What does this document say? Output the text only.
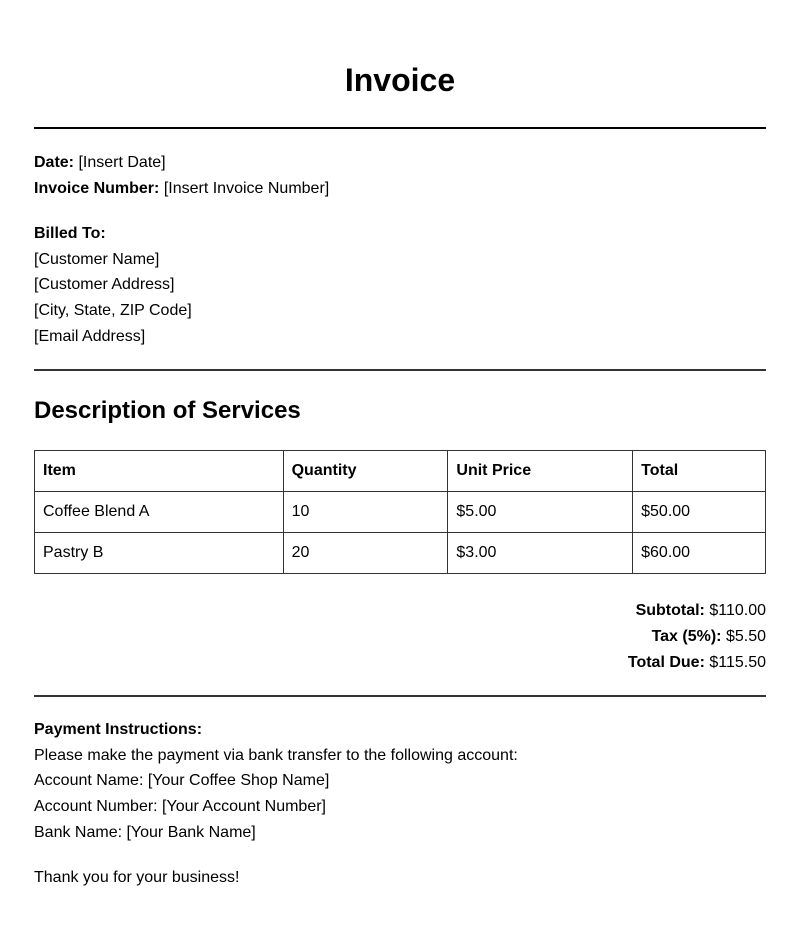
Invoice
Date: [Insert Date]
Invoice Number: [Insert Invoice Number]
Billed To:
[Customer Name]
[Customer Address]
[City, State, ZIP Code]
[Email Address]
Description of Services
Item	Quantity	Unit Price	Total
Coffee Blend A	10	$5.00	$50.00
Pastry B	20	$3.00	$60.00
Subtotal: $110.00
Tax (5%): $5.50
Total Due: $115.50
Payment Instructions:
Please make the payment via bank transfer to the following account:
Account Name: [Your Coffee Shop Name]
Account Number: [Your Account Number]
Bank Name: [Your Bank Name]
Thank you for your business!
